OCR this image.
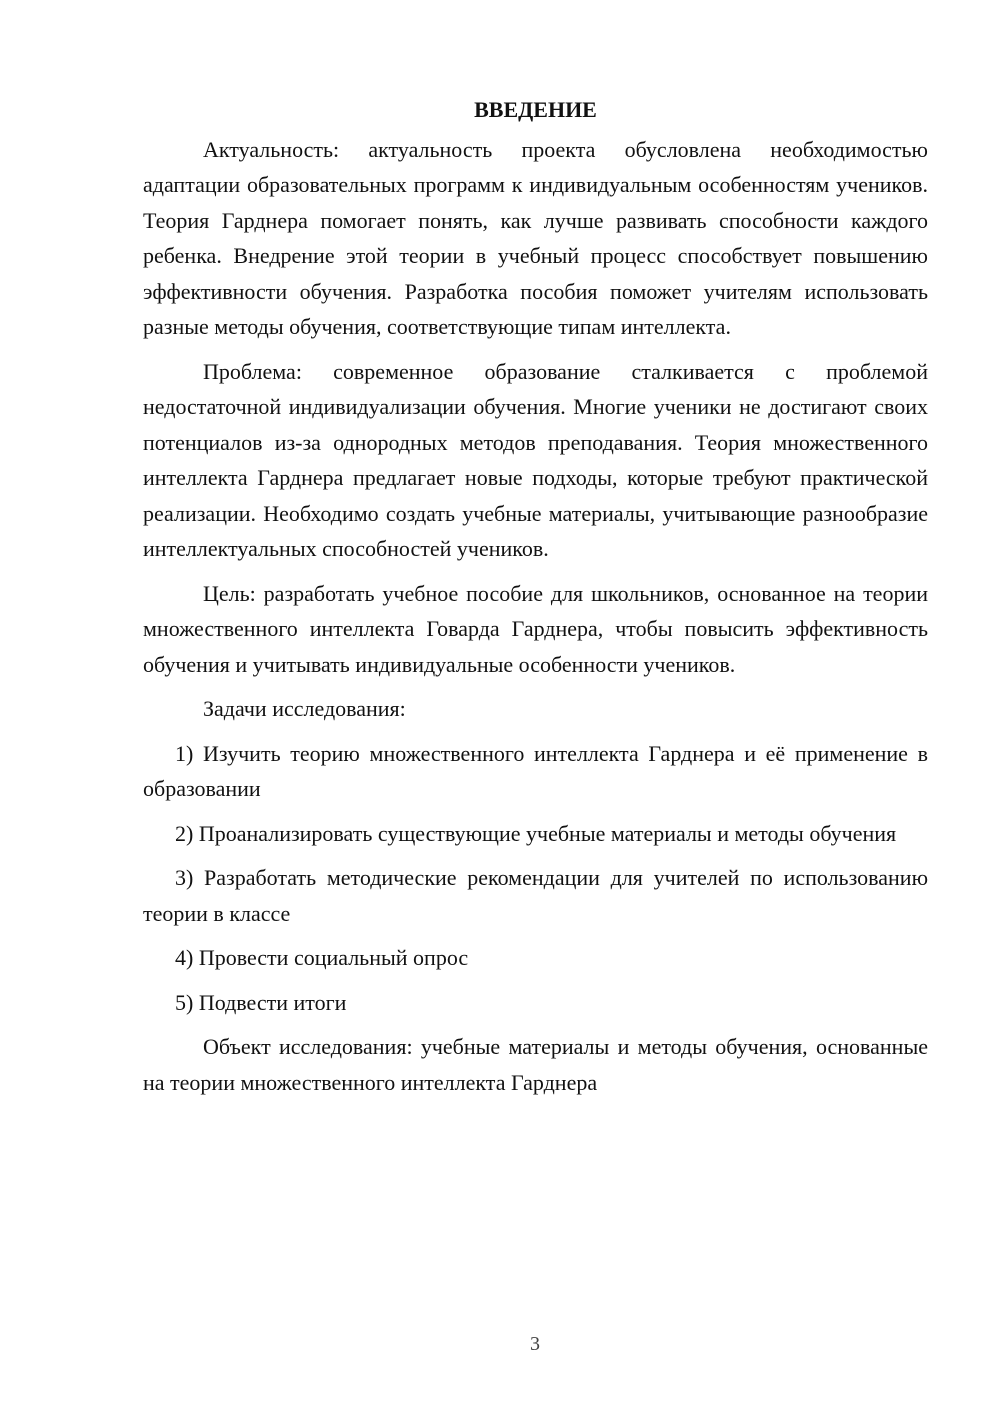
ВВЕДЕНИЕ

Актуальность: актуальность проекта обусловлена необходимостью адаптации образовательных программ к индивидуальным особенностям учеников. Теория Гарднера помогает понять, как лучше развивать способности каждого ребенка. Внедрение этой теории в учебный процесс способствует повышению эффективности обучения. Разработка пособия поможет учителям использовать разные методы обучения, соответствующие типам интеллекта.

Проблема: современное образование сталкивается с проблемой недостаточной индивидуализации обучения. Многие ученики не достигают своих потенциалов из-за однородных методов преподавания. Теория множественного интеллекта Гарднера предлагает новые подходы, которые требуют практической реализации. Необходимо создать учебные материалы, учитывающие разнообразие интеллектуальных способностей учеников.

Цель: разработать учебное пособие для школьников, основанное на теории множественного интеллекта Говарда Гарднера, чтобы повысить эффективность обучения и учитывать индивидуальные особенности учеников.

Задачи исследования:

1) Изучить теорию множественного интеллекта Гарднера и её применение в образовании

2) Проанализировать существующие учебные материалы и методы обучения

3) Разработать методические рекомендации для учителей по использованию теории в классе

4) Провести социальный опрос

5) Подвести итоги

Объект исследования: учебные материалы и методы обучения, основанные на теории множественного интеллекта Гарднера

3
